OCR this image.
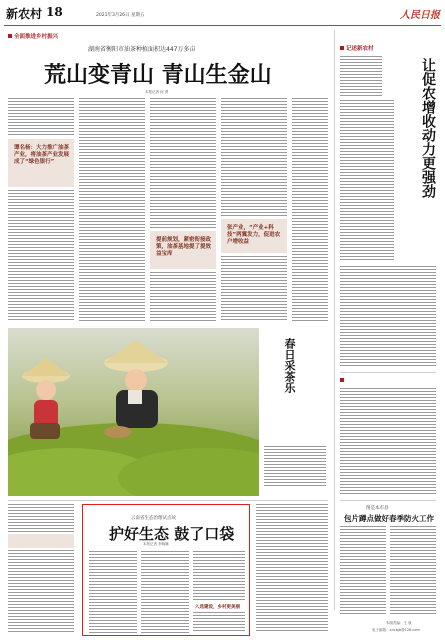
新农村 18	2021年3月26日 星期五	人民日报
全面推进乡村振兴
湖南省衡阳市油茶种植面积达447万多亩
荒山变青山 青山生金山
本报记者 何 勇
谭名杨：大力推广油茶产业，将油茶产业发展成了“绿色银行”
提前规划，紧密衔接政策，油茶基地提了提效益宝库
张产业，“产业+科技”两翼发力，促进农户增收益
春日采茶乐
云南省生态治理试点故
护好生态 鼓了口袋
本报记者 李晓娜
入选建设，乡村更美丽
记述新农村
让促农增收动力更强劲
图是本市县
包片蹲点做好春季防火工作
本版责编：王 航
电子邮箱：xncbjb@126.com
